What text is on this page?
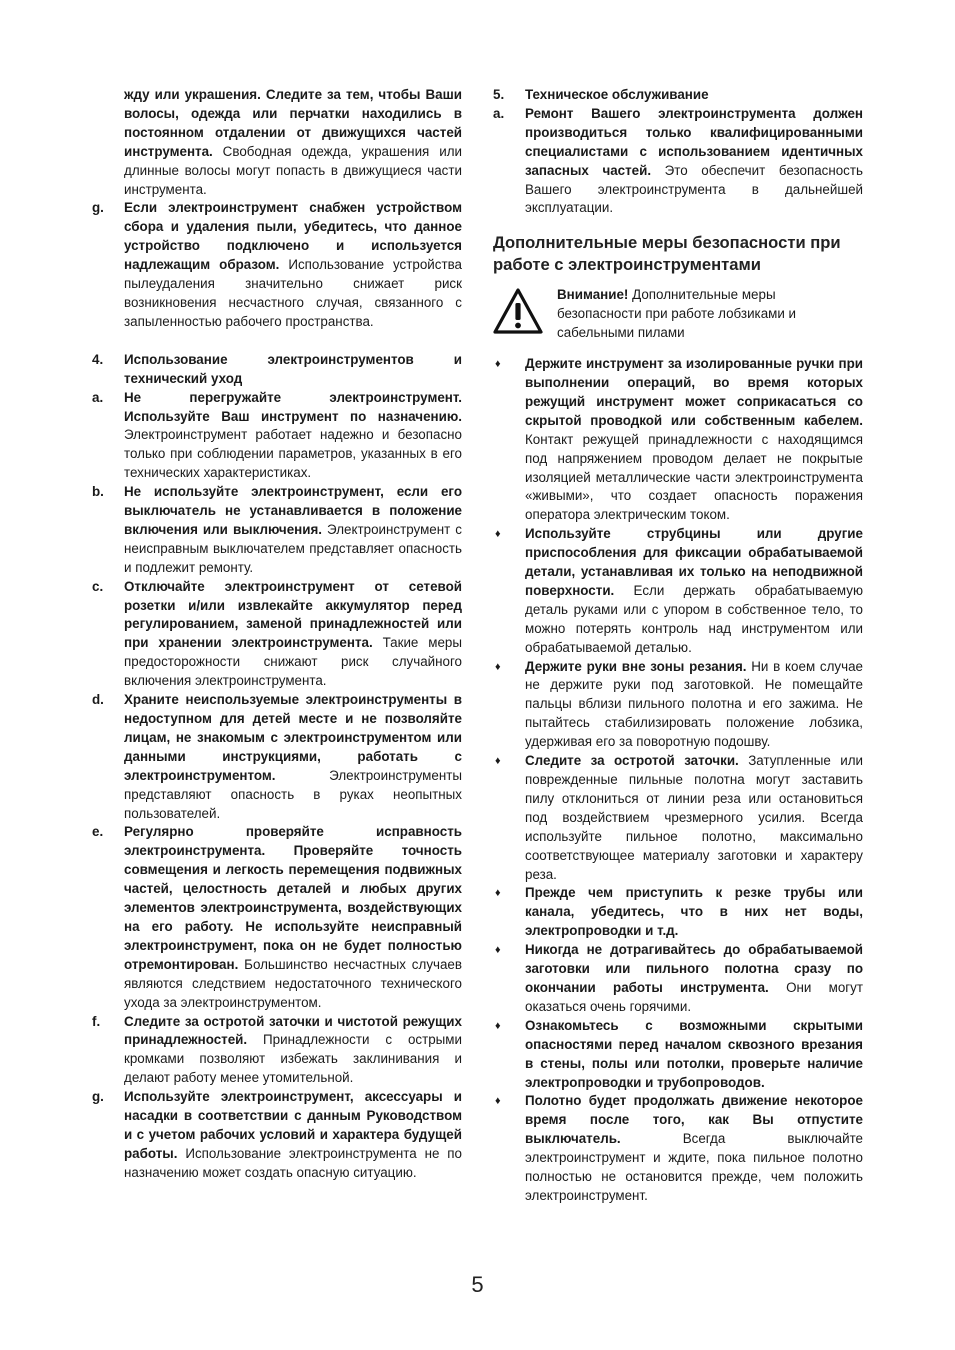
жду или украшения. Следите за тем, чтобы Ваши волосы, одежда или перчатки находились в постоянном отдалении от движущихся частей инструмента. Свободная одежда, украшения или длинные волосы могут попасть в движущиеся части инструмента.
g.	Если электроинструмент снабжен устройством сбора и удаления пыли, убедитесь, что данное устройство подключено и используется надлежащим образом. Использование устройства пылеудаления значительно снижает риск возникновения несчастного случая, связанного с запыленностью рабочего пространства.
4.	Использование электроинструментов и технический уход
a.	Не перегружайте электроинструмент. Используйте Ваш инструмент по назначению. Электроинструмент работает надежно и безопасно только при соблюдении параметров, указанных в его технических характеристиках.
b.	Не используйте электроинструмент, если его выключатель не устанавливается в положение включения или выключения. Электроинструмент с неисправным выключателем представляет опасность и подлежит ремонту.
c.	Отключайте электроинструмент от сетевой розетки и/или извлекайте аккумулятор перед регулированием, заменой принадлежностей или при хранении электроинструмента. Такие меры предосторожности снижают риск случайного включения электроинструмента.
d.	Храните неиспользуемые электроинструменты в недоступном для детей месте и не позволяйте лицам, не знакомым с электроинструментом или данными инструкциями, работать с электроинструментом. Электроинструменты представляют опасность в руках неопытных пользователей.
e.	Регулярно проверяйте исправность электроинструмента. Проверяйте точность совмещения и легкость перемещения подвижных частей, целостность деталей и любых других элементов электроинструмента, воздействующих на его работу. Не используйте неисправный электроинструмент, пока он не будет полностью отремонтирован. Большинство несчастных случаев являются следствием недостаточного технического ухода за электроинструментом.
f.	Следите за остротой заточки и чистотой режущих принадлежностей. Принадлежности с острыми кромками позволяют избежать заклинивания и делают работу менее утомительной.
g.	Используйте электроинструмент, аксессуары и насадки в соответствии с данным Руководством и с учетом рабочих условий и характера будущей работы. Использование электроинструмента не по назначению может создать опасную ситуацию.
5.	Техническое обслуживание
a.	Ремонт Вашего электроинструмента должен производиться только квалифицированными специалистами с использованием идентичных запасных частей. Это обеспечит безопасность Вашего электроинструмента в дальнейшей эксплуатации.
Дополнительные меры безопасности при работе с электроинструментами
Внимание! Дополнительные меры безопасности при работе лобзиками и сабельными пилами
♦	Держите инструмент за изолированные ручки при выполнении операций, во время которых режущий инструмент может соприкасаться со скрытой проводкой или собственным кабелем. Контакт режущей принадлежности с находящимся под напряжением проводом делает не покрытые изоляцией металлические части электроинструмента «живыми», что создает опасность поражения оператора электрическим током.
♦	Используйте струбцины или другие приспособления для фиксации обрабатываемой детали, устанавливая их только на неподвижной поверхности. Если держать обрабатываемую деталь руками или с упором в собственное тело, то можно потерять контроль над инструментом или обрабатываемой деталью.
♦	Держите руки вне зоны резания. Ни в коем случае не держите руки под заготовкой. Не помещайте пальцы вблизи пильного полотна и его зажима. Не пытайтесь стабилизировать положение лобзика, удерживая его за поворотную подошву.
♦	Следите за остротой заточки. Затупленные или поврежденные пильные полотна могут заставить пилу отклониться от линии реза или остановиться под воздействием чрезмерного усилия. Всегда используйте пильное полотно, максимально соответствующее материалу заготовки и характеру реза.
♦	Прежде чем приступить к резке трубы или канала, убедитесь, что в них нет воды, электропроводки и т.д.
♦	Никогда не дотрагивайтесь до обрабатываемой заготовки или пильного полотна сразу по окончании работы инструмента. Они могут оказаться очень горячими.
♦	Ознакомьтесь с возможными скрытыми опасностями перед началом сквозного врезания в стены, полы или потолки, проверьте наличие электропроводки и трубопроводов.
♦	Полотно будет продолжать движение некоторое время после того, как Вы отпустите выключатель. Всегда выключайте электроинструмент и ждите, пока пильное полотно полностью не остановится прежде, чем положить электроинструмент.
5
